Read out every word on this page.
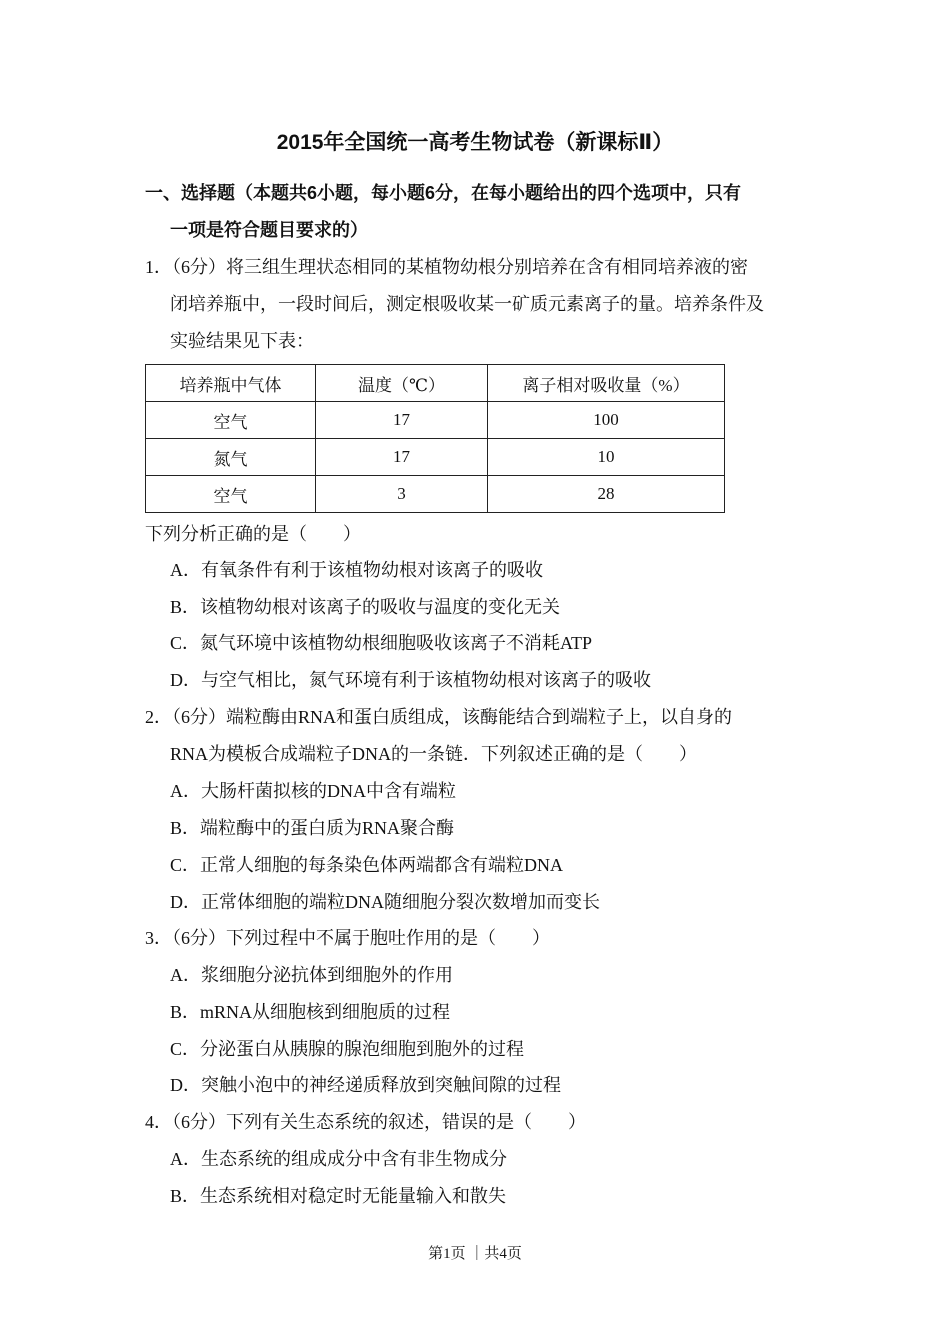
2015年全国统一高考生物试卷（新课标Ⅱ）
一、选择题（本题共6小题，每小题6分，在每小题给出的四个选项中，只有
一项是符合题目要求的）
1．（6分）将三组生理状态相同的某植物幼根分别培养在含有相同培养液的密
闭培养瓶中，一段时间后，测定根吸收某一矿质元素离子的量。培养条件及
实验结果见下表：
培养瓶中气体	温度（℃）	离子相对吸收量（%）
空气	17	100
氮气	17	10
空气	3	28
下列分析正确的是（　　）
A．有氧条件有利于该植物幼根对该离子的吸收
B．该植物幼根对该离子的吸收与温度的变化无关
C．氮气环境中该植物幼根细胞吸收该离子不消耗ATP
D．与空气相比，氮气环境有利于该植物幼根对该离子的吸收
2．（6分）端粒酶由RNA和蛋白质组成，该酶能结合到端粒子上，以自身的
RNA为模板合成端粒子DNA的一条链．下列叙述正确的是（　　）
A．大肠杆菌拟核的DNA中含有端粒
B．端粒酶中的蛋白质为RNA聚合酶
C．正常人细胞的每条染色体两端都含有端粒DNA
D．正常体细胞的端粒DNA随细胞分裂次数增加而变长
3．（6分）下列过程中不属于胞吐作用的是（　　）
A．浆细胞分泌抗体到细胞外的作用
B．mRNA从细胞核到细胞质的过程
C．分泌蛋白从胰腺的腺泡细胞到胞外的过程
D．突触小泡中的神经递质释放到突触间隙的过程
4．（6分）下列有关生态系统的叙述，错误的是（　　）
A．生态系统的组成成分中含有非生物成分
B．生态系统相对稳定时无能量输入和散失
第1页 ｜共4页
